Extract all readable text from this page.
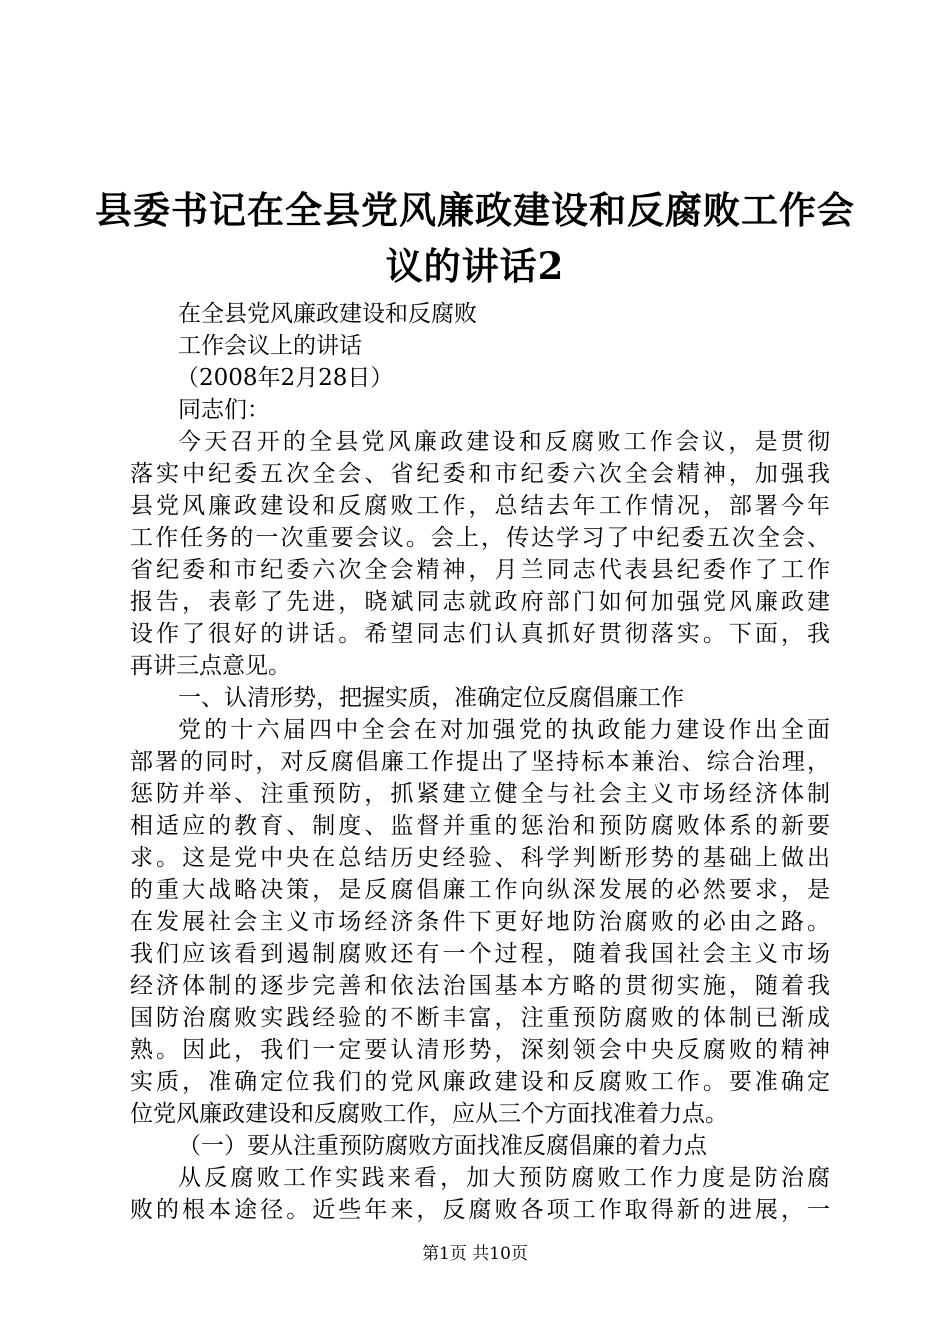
县委书记在全县党风廉政建设和反腐败工作会
议的讲话2
在全县党风廉政建设和反腐败
工作会议上的讲话
（2008年2月28日）
同志们：
今天召开的全县党风廉政建设和反腐败工作会议，是贯彻
落实中纪委五次全会、省纪委和市纪委六次全会精神，加强我
县党风廉政建设和反腐败工作，总结去年工作情况，部署今年
工作任务的一次重要会议。会上，传达学习了中纪委五次全会、
省纪委和市纪委六次全会精神，月兰同志代表县纪委作了工作
报告，表彰了先进，晓斌同志就政府部门如何加强党风廉政建
设作了很好的讲话。希望同志们认真抓好贯彻落实。下面，我
再讲三点意见。
一、认清形势，把握实质，准确定位反腐倡廉工作
党的十六届四中全会在对加强党的执政能力建设作出全面
部署的同时，对反腐倡廉工作提出了坚持标本兼治、综合治理，
惩防并举、注重预防，抓紧建立健全与社会主义市场经济体制
相适应的教育、制度、监督并重的惩治和预防腐败体系的新要
求。这是党中央在总结历史经验、科学判断形势的基础上做出
的重大战略决策，是反腐倡廉工作向纵深发展的必然要求，是
在发展社会主义市场经济条件下更好地防治腐败的必由之路。
我们应该看到遏制腐败还有一个过程，随着我国社会主义市场
经济体制的逐步完善和依法治国基本方略的贯彻实施，随着我
国防治腐败实践经验的不断丰富，注重预防腐败的体制已渐成
熟。因此，我们一定要认清形势，深刻领会中央反腐败的精神
实质，准确定位我们的党风廉政建设和反腐败工作。要准确定
位党风廉政建设和反腐败工作，应从三个方面找准着力点。
（一）要从注重预防腐败方面找准反腐倡廉的着力点
从反腐败工作实践来看，加大预防腐败工作力度是防治腐
败的根本途径。近些年来，反腐败各项工作取得新的进展，一
第1页 共10页
